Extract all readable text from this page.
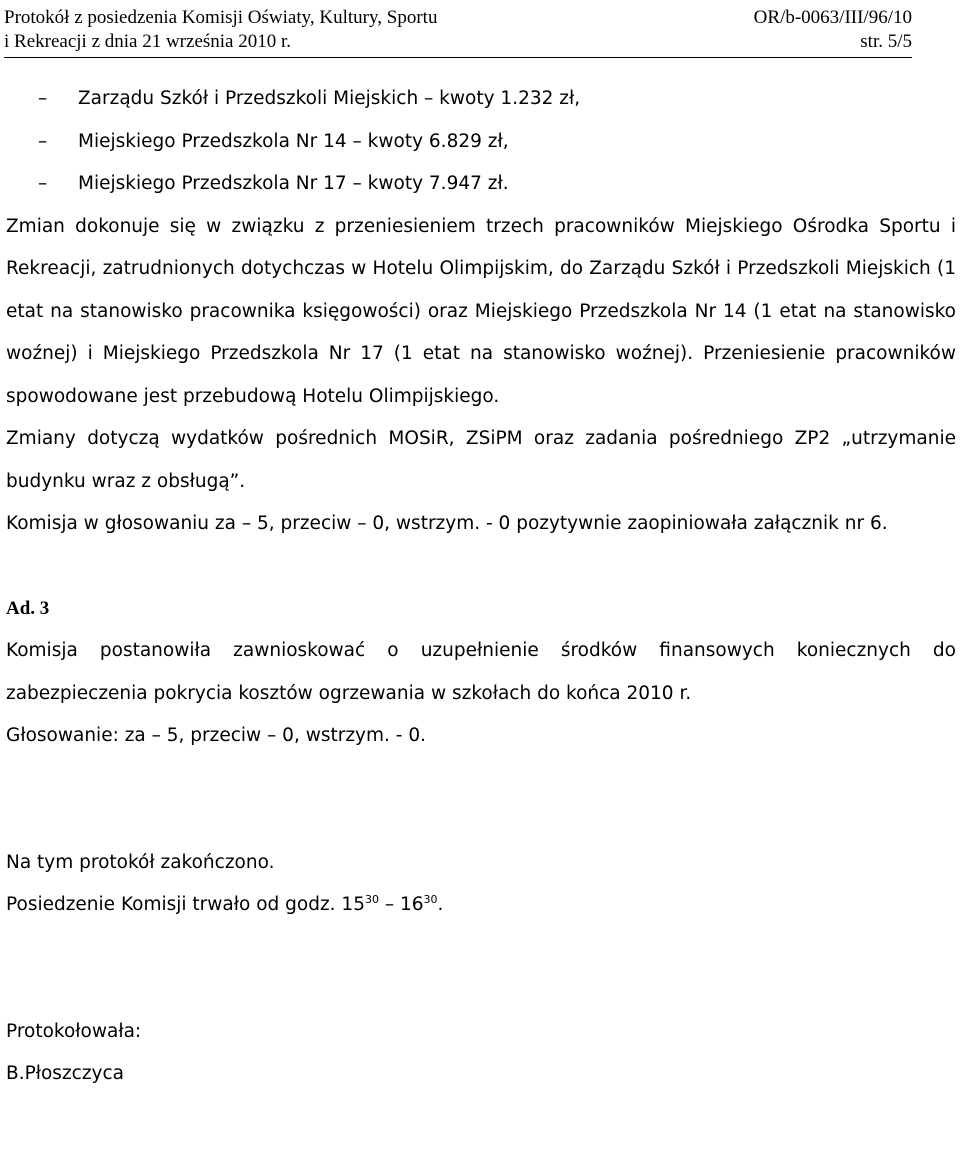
Protokół z posiedzenia Komisji Oświaty, Kultury, Sportu	OR/b-0063/III/96/10
i Rekreacji z dnia 21 września 2010 r.	str. 5/5
–	Zarządu Szkół i Przedszkoli Miejskich – kwoty 1.232 zł,
–	Miejskiego Przedszkola Nr 14 – kwoty 6.829 zł,
–	Miejskiego Przedszkola Nr 17 – kwoty 7.947 zł.
Zmian dokonuje się w związku z przeniesieniem trzech pracowników Miejskiego Ośrodka Sportu i Rekreacji, zatrudnionych dotychczas w Hotelu Olimpijskim, do Zarządu Szkół i Przedszkoli Miejskich (1 etat na stanowisko pracownika księgowości) oraz Miejskiego Przedszkola Nr 14 (1 etat na stanowisko woźnej) i Miejskiego Przedszkola Nr 17 (1 etat na stanowisko woźnej). Przeniesienie pracowników spowodowane jest przebudową Hotelu Olimpijskiego.
Zmiany dotyczą wydatków pośrednich MOSiR, ZSiPM oraz zadania pośredniego ZP2 „utrzymanie budynku wraz z obsługą”.
Komisja w głosowaniu za – 5, przeciw – 0, wstrzym. - 0 pozytywnie zaopiniowała załącznik nr 6.
Ad. 3
Komisja postanowiła zawnioskować o uzupełnienie środków finansowych koniecznych do zabezpieczenia pokrycia kosztów ogrzewania w szkołach do końca 2010 r.
Głosowanie: za – 5, przeciw – 0, wstrzym. - 0.
Na tym protokół zakończono.
Posiedzenie Komisji trwało od godz. $15^{30} - 16^{30}$.
Protokołowała:
B.Płoszczyca
